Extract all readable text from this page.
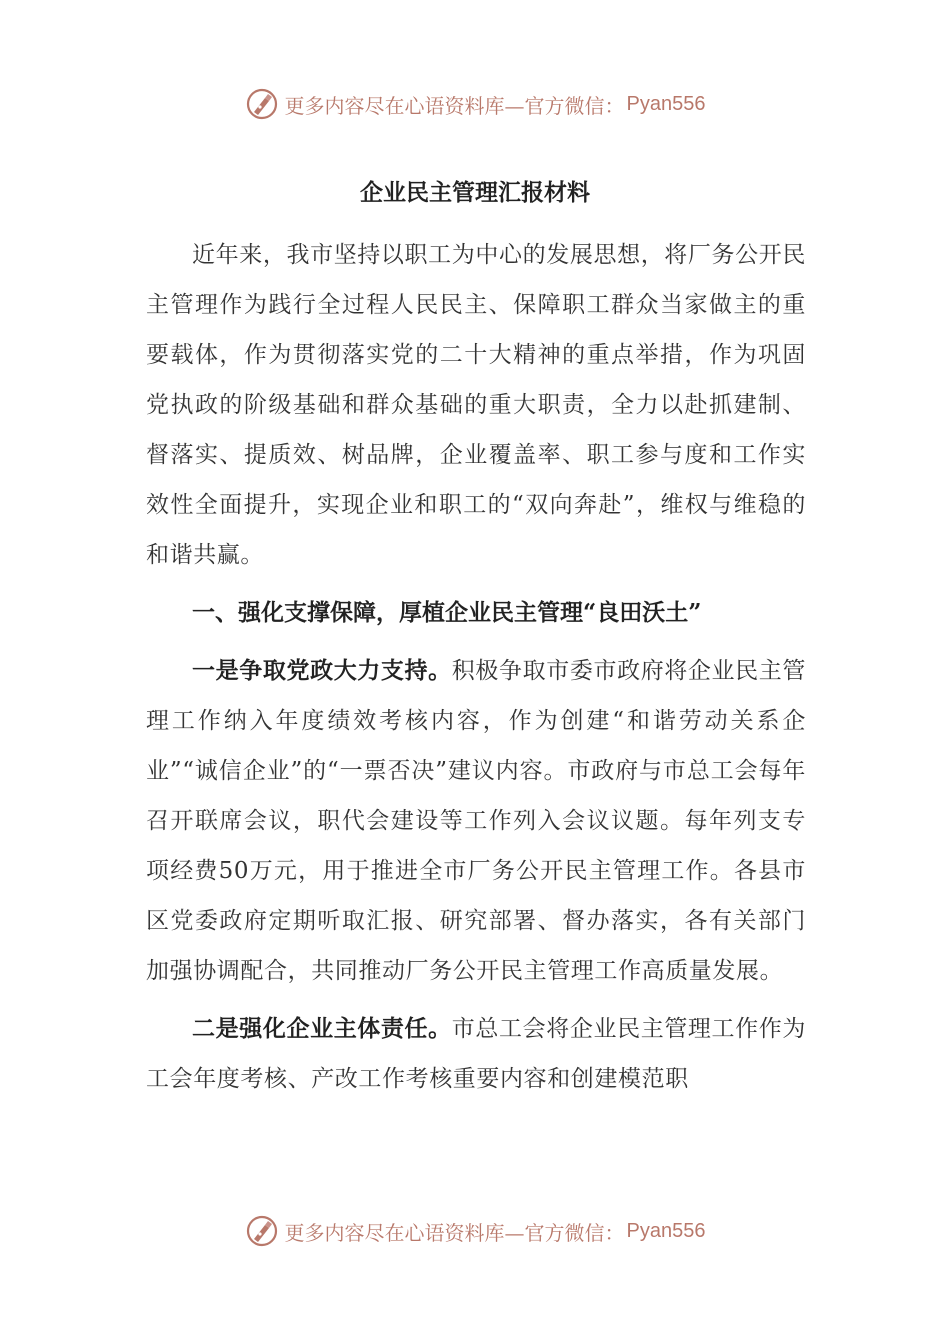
更多内容尽在心语资料库—官方微信： Pyan556
企业民主管理汇报材料

近年来，我市坚持以职工为中心的发展思想，将厂务公开民主管理作为践行全过程人民民主、保障职工群众当家做主的重要载体，作为贯彻落实党的二十大精神的重点举措，作为巩固党执政的阶级基础和群众基础的重大职责，全力以赴抓建制、督落实、提质效、树品牌，企业覆盖率、职工参与度和工作实效性全面提升，实现企业和职工的“双向奔赴”，维权与维稳的和谐共赢。

一、强化支撑保障，厚植企业民主管理“良田沃土”

一是争取党政大力支持。积极争取市委市政府将企业民主管理工作纳入年度绩效考核内容，作为创建“和谐劳动关系企业”“诚信企业”的“一票否决”建议内容。市政府与市总工会每年召开联席会议，职代会建设等工作列入会议议题。每年列支专项经费50万元，用于推进全市厂务公开民主管理工作。各县市区党委政府定期听取汇报、研究部署、督办落实，各有关部门加强协调配合，共同推动厂务公开民主管理工作高质量发展。

二是强化企业主体责任。市总工会将企业民主管理工作作为工会年度考核、产改工作考核重要内容和创建模范职

更多内容尽在心语资料库—官方微信： Pyan556
